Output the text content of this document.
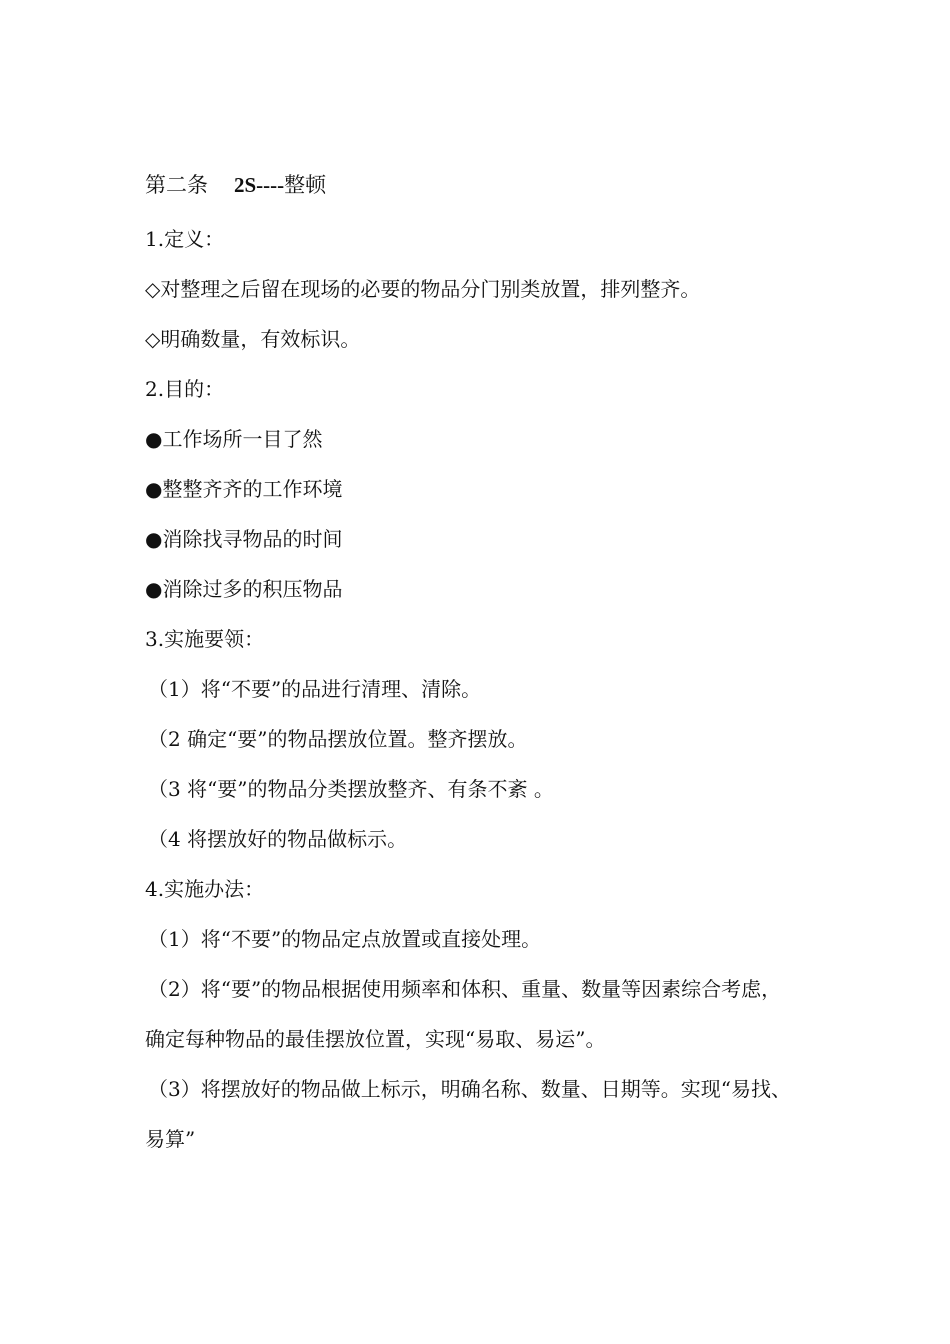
第二条 2S----整顿
1.定义：
◇对整理之后留在现场的必要的物品分门别类放置，排列整齐。
◇明确数量，有效标识。
2.目的：
●工作场所一目了然
●整整齐齐的工作环境
●消除找寻物品的时间
●消除过多的积压物品
3.实施要领：
（1）将“不要”的品进行清理、清除。
（2 确定“要”的物品摆放位置。整齐摆放。
（3 将“要”的物品分类摆放整齐、有条不紊 。
（4 将摆放好的物品做标示。
4.实施办法：
（1）将“不要”的物品定点放置或直接处理。
（2）将“要”的物品根据使用频率和体积、重量、数量等因素综合考虑，
确定每种物品的最佳摆放位置，实现“易取、易运”。
（3）将摆放好的物品做上标示，明确名称、数量、日期等。实现“易找、
易算”
